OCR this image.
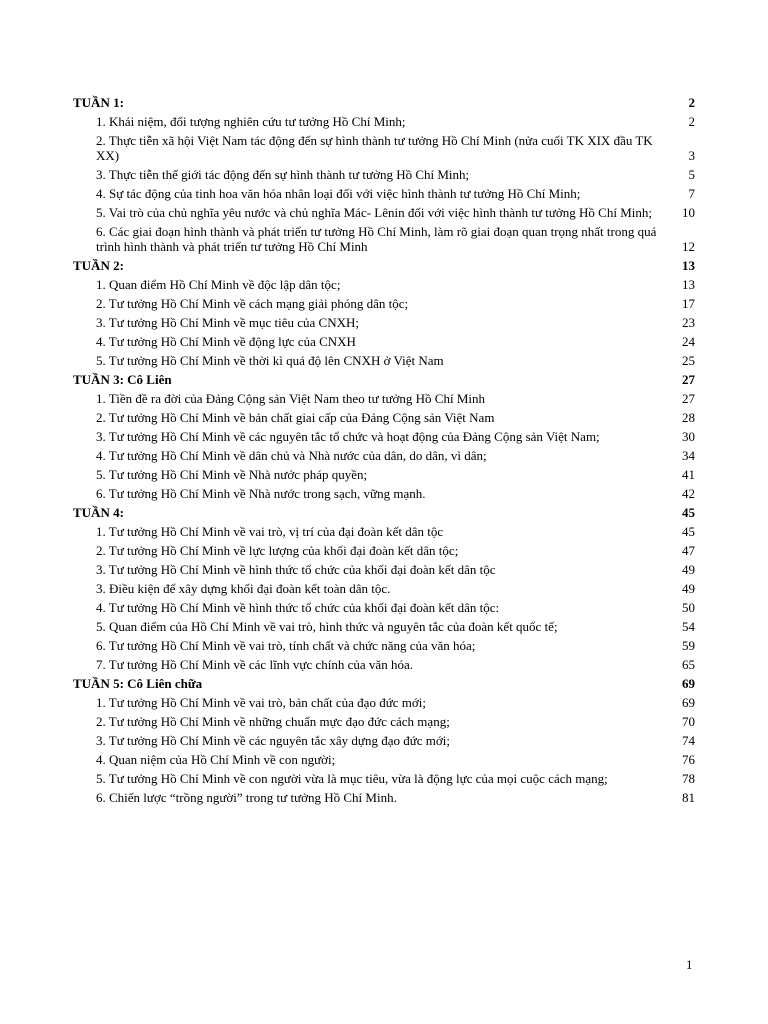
TUẦN 1:	2
1. Khái niệm, đối tượng nghiên cứu tư tưởng Hồ Chí Minh;	2
2. Thực tiễn xã hội Việt Nam tác động đến sự hình thành tư tưởng Hồ Chí Minh (nửa cuối TK XIX đầu TK XX)	3
3. Thực tiễn thế giới tác động đến sự hình thành tư tưởng Hồ Chí Minh;	5
4. Sự tác động của tinh hoa văn hóa nhân loại đối với việc hình thành tư tưởng Hồ Chí Minh;	7
5. Vai trò của chủ nghĩa yêu nước và chủ nghĩa Mác- Lênin đối với việc hình thành tư tưởng Hồ Chí Minh;	10
6. Các giai đoạn hình thành và phát triển tư tưởng Hồ Chí Minh, làm rõ giai đoạn quan trọng nhất trong quá trình hình thành và phát triển tư tưởng Hồ Chí Minh	12
TUẦN 2:	13
1. Quan điểm Hồ Chí Minh về độc lập dân tộc;	13
2. Tư tưởng Hồ Chí Minh về cách mạng giải phóng dân tộc;	17
3. Tư tưởng Hồ Chí Minh về mục tiêu của CNXH;	23
4. Tư tưởng Hồ Chí Minh về động lực của CNXH	24
5. Tư tưởng Hồ Chí Minh về thời kì quá độ lên CNXH ở Việt Nam	25
TUẦN 3: Cô Liên	27
1. Tiền đề ra đời của Đảng Cộng sản Việt Nam theo tư tưởng Hồ Chí Minh	27
2. Tư tưởng Hồ Chí Minh về bản chất giai cấp của Đảng Cộng sản Việt Nam	28
3. Tư tưởng Hồ Chí Minh về các nguyên tắc tổ chức và hoạt động của Đảng Cộng sản Việt Nam;	30
4. Tư tưởng Hồ Chí Minh về dân chủ và Nhà nước của dân, do dân, vì dân;	34
5. Tư tưởng Hồ Chí Minh về Nhà nước pháp quyền;	41
6. Tư tưởng Hồ Chí Minh về Nhà nước trong sạch, vững mạnh.	42
TUẦN 4:	45
1. Tư tưởng Hồ Chí Minh về vai trò, vị trí của đại đoàn kết dân tộc	45
2. Tư tưởng Hồ Chí Minh về lực lượng của khối đại đoàn kết dân tộc;	47
3. Tư tưởng Hồ Chí Minh về hình thức tổ chức của khối đại đoàn kết dân tộc	49
3. Điều kiện để xây dựng khối đại đoàn kết toàn dân tộc.	49
4. Tư tưởng Hồ Chí Minh về hình thức tổ chức của khối đại đoàn kết dân tộc:	50
5. Quan điểm của Hồ Chí Minh về vai trò, hình thức và nguyên tắc của đoàn kết quốc tế;	54
6. Tư tưởng Hồ Chí Minh về vai trò, tính chất và chức năng của văn hóa;	59
7. Tư tưởng Hồ Chí Minh về các lĩnh vực chính của văn hóa.	65
TUẦN 5: Cô Liên chữa	69
1. Tư tưởng Hồ Chí Minh về vai trò, bản chất của đạo đức mới;	69
2. Tư tưởng Hồ Chí Minh về những chuẩn mực đạo đức cách mạng;	70
3. Tư tưởng Hồ Chí Minh về các nguyên tắc xây dựng đạo đức mới;	74
4. Quan niệm của Hồ Chí Minh về con người;	76
5. Tư tưởng Hồ Chí Minh về con người vừa là mục tiêu, vừa là động lực của mọi cuộc cách mạng;	78
6. Chiến lược “trồng người” trong tư tưởng Hồ Chí Minh.	81
1
